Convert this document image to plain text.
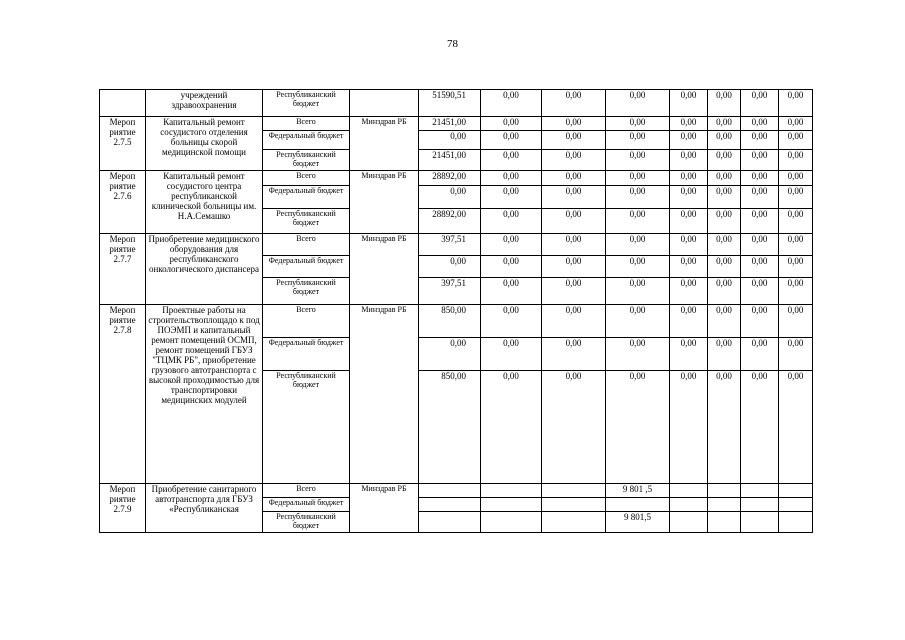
78
	учреждений здравоохранения	Республиканский бюджет		51590,51	0,00	0,00	0,00	0,00	0,00	0,00	0,00
Мероп риятие 2.7.5	Капитальный ремонт сосудистого отделения больницы скорой медицинской помощи	Всего	Минздрав РБ	21451,00	0,00	0,00	0,00	0,00	0,00	0,00	0,00
		Федеральный бюджет		0,00	0,00	0,00	0,00	0,00	0,00	0,00	0,00
		Республиканский бюджет		21451,00	0,00	0,00	0,00	0,00	0,00	0,00	0,00
Мероп риятие 2.7.6	Капитальный ремонт сосудистого центра республиканской клинической больницы им. Н.А.Семашко	Всего	Минздрав РБ	28892,00	0,00	0,00	0,00	0,00	0,00	0,00	0,00
		Федеральный бюджет		0,00	0,00	0,00	0,00	0,00	0,00	0,00	0,00
		Республиканский бюджет		28892,00	0,00	0,00	0,00	0,00	0,00	0,00	0,00
Мероп риятие 2.7.7	Приобретение медицинского оборудования для республиканского онкологического диспансера	Всего	Минздрав РБ	397,51	0,00	0,00	0,00	0,00	0,00	0,00	0,00
		Федеральный бюджет		0,00	0,00	0,00	0,00	0,00	0,00	0,00	0,00
		Республиканский бюджет		397,51	0,00	0,00	0,00	0,00	0,00	0,00	0,00
Мероп риятие 2.7.8	Проектные работы на строительствоплощадо к под ПОЭМП и капитальный ремонт помещений ОСМП, ремонт помещений ГБУЗ "ТЦМК РБ", приобретение грузового автотранспорта с высокой проходимостью для транспортировки медицинских модулей	Всего	Минздрав РБ	850,00	0,00	0,00	0,00	0,00	0,00	0,00	0,00
		Федеральный бюджет		0,00	0,00	0,00	0,00	0,00	0,00	0,00	0,00
		Республиканский бюджет		850,00	0,00	0,00	0,00	0,00	0,00	0,00	0,00
Мероп риятие 2.7.9	Приобретение санитарного автотранспорта для ГБУЗ «Республиканская	Всего	Минздрав РБ				9 801 ,5				
		Федеральный бюджет									
		Республиканский бюджет					9 801,5				
